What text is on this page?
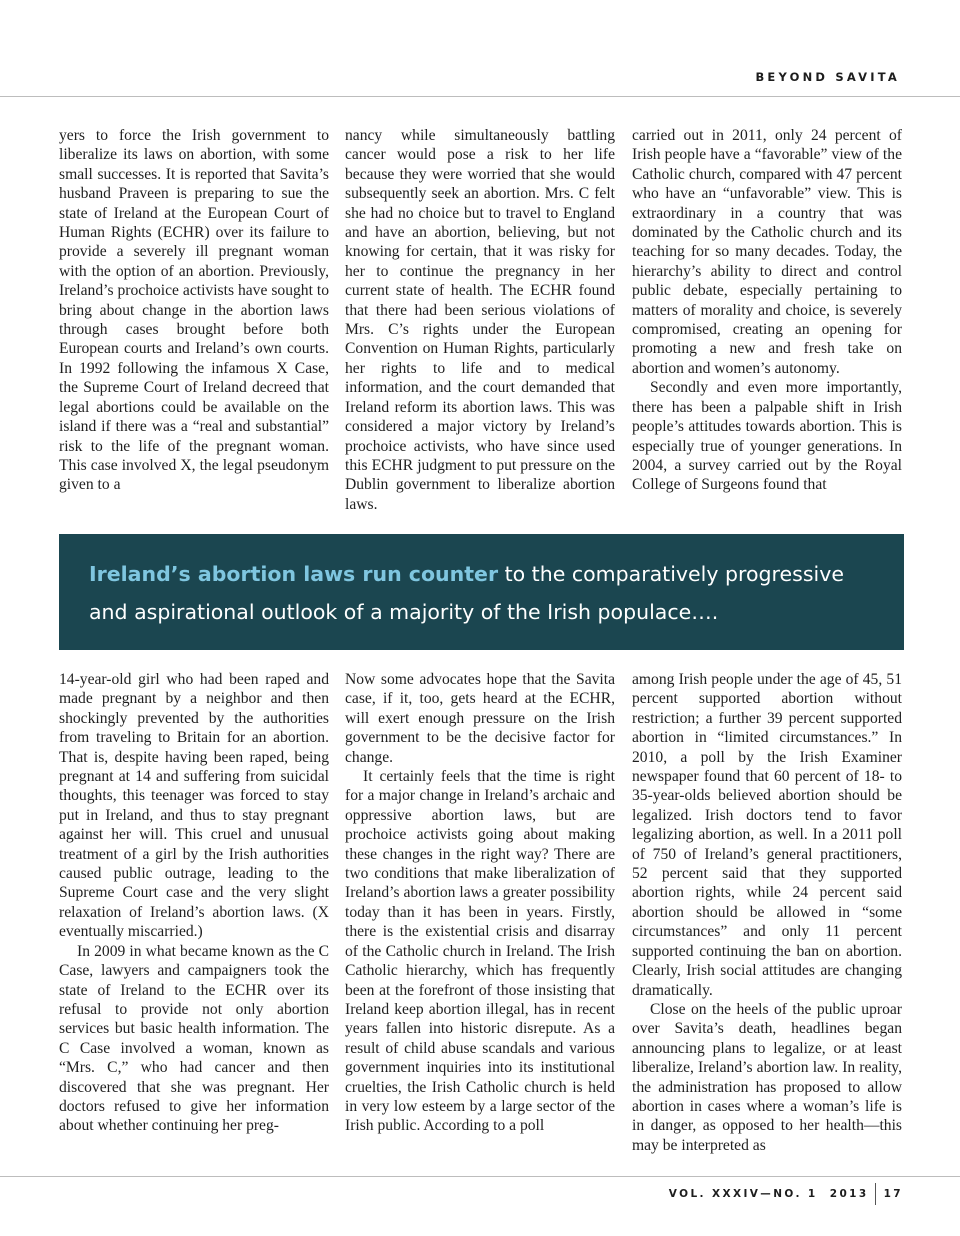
BEYOND SAVITA

yers to force the Irish government to liberalize its laws on abortion, with some small successes. It is reported that Savita’s husband Praveen is preparing to sue the state of Ireland at the European Court of Human Rights (ECHR) over its failure to provide a severely ill pregnant woman with the option of an abortion. Previously, Ireland’s prochoice activists have sought to bring about change in the abortion laws through cases brought before both European courts and Ireland’s own courts. In 1992 following the infamous X Case, the Supreme Court of Ireland decreed that legal abortions could be available on the island if there was a “real and substantial” risk to the life of the pregnant woman. This case involved X, the legal pseudonym given to a

nancy while simultaneously battling cancer would pose a risk to her life because they were worried that she would subsequently seek an abortion. Mrs. C felt she had no choice but to travel to England and have an abortion, believing, but not knowing for certain, that it was risky for her to continue the pregnancy in her current state of health. The ECHR found that there had been serious violations of Mrs. C’s rights under the European Convention on Human Rights, particularly her rights to life and to medical information, and the court demanded that Ireland reform its abortion laws. This was considered a major victory by Ireland’s prochoice activists, who have since used this ECHR judgment to put pressure on the Dublin government to liberalize abortion laws.

carried out in 2011, only 24 percent of Irish people have a “favorable” view of the Catholic church, compared with 47 percent who have an “unfavorable” view. This is extraordinary in a country that was dominated by the Catholic church and its teaching for so many decades. Today, the hierarchy’s ability to direct and control public debate, especially pertaining to matters of morality and choice, is severely compromised, creating an opening for promoting a new and fresh take on abortion and women’s autonomy.

Secondly and even more importantly, there has been a palpable shift in Irish people’s attitudes towards abortion. This is especially true of younger generations. In 2004, a survey carried out by the Royal College of Surgeons found that

Ireland’s abortion laws run counter to the comparatively progressive and aspirational outlook of a majority of the Irish populace….

14-year-old girl who had been raped and made pregnant by a neighbor and then shockingly prevented by the authorities from traveling to Britain for an abortion. That is, despite having been raped, being pregnant at 14 and suffering from suicidal thoughts, this teenager was forced to stay put in Ireland, and thus to stay pregnant against her will. This cruel and unusual treatment of a girl by the Irish authorities caused public outrage, leading to the Supreme Court case and the very slight relaxation of Ireland’s abortion laws. (X eventually miscarried.)

In 2009 in what became known as the C Case, lawyers and campaigners took the state of Ireland to the ECHR over its refusal to provide not only abortion services but basic health information. The C Case involved a woman, known as “Mrs. C,” who had cancer and then discovered that she was pregnant. Her doctors refused to give her information about whether continuing her preg-

Now some advocates hope that the Savita case, if it, too, gets heard at the ECHR, will exert enough pressure on the Irish government to be the decisive factor for change.

It certainly feels that the time is right for a major change in Ireland’s archaic and oppressive abortion laws, but are prochoice activists going about making these changes in the right way? There are two conditions that make liberalization of Ireland’s abortion laws a greater possibility today than it has been in years. Firstly, there is the existential crisis and disarray of the Catholic church in Ireland. The Irish Catholic hierarchy, which has frequently been at the forefront of those insisting that Ireland keep abortion illegal, has in recent years fallen into historic disrepute. As a result of child abuse scandals and various government inquiries into its institutional cruelties, the Irish Catholic church is held in very low esteem by a large sector of the Irish public. According to a poll

among Irish people under the age of 45, 51 percent supported abortion without restriction; a further 39 percent supported abortion in “limited circumstances.” In 2010, a poll by the Irish Examiner newspaper found that 60 percent of 18- to 35-year-olds believed abortion should be legalized. Irish doctors tend to favor legalizing abortion, as well. In a 2011 poll of 750 of Ireland’s general practitioners, 52 percent said that they supported abortion rights, while 24 percent said abortion should be allowed in “some circumstances” and only 11 percent supported continuing the ban on abortion. Clearly, Irish social attitudes are changing dramatically.

Close on the heels of the public uproar over Savita’s death, headlines began announcing plans to legalize, or at least liberalize, Ireland’s abortion law. In reality, the administration has proposed to allow abortion in cases where a woman’s life is in danger, as opposed to her health—this may be interpreted as

VOL. XXXIV—NO. 1  2013 17
